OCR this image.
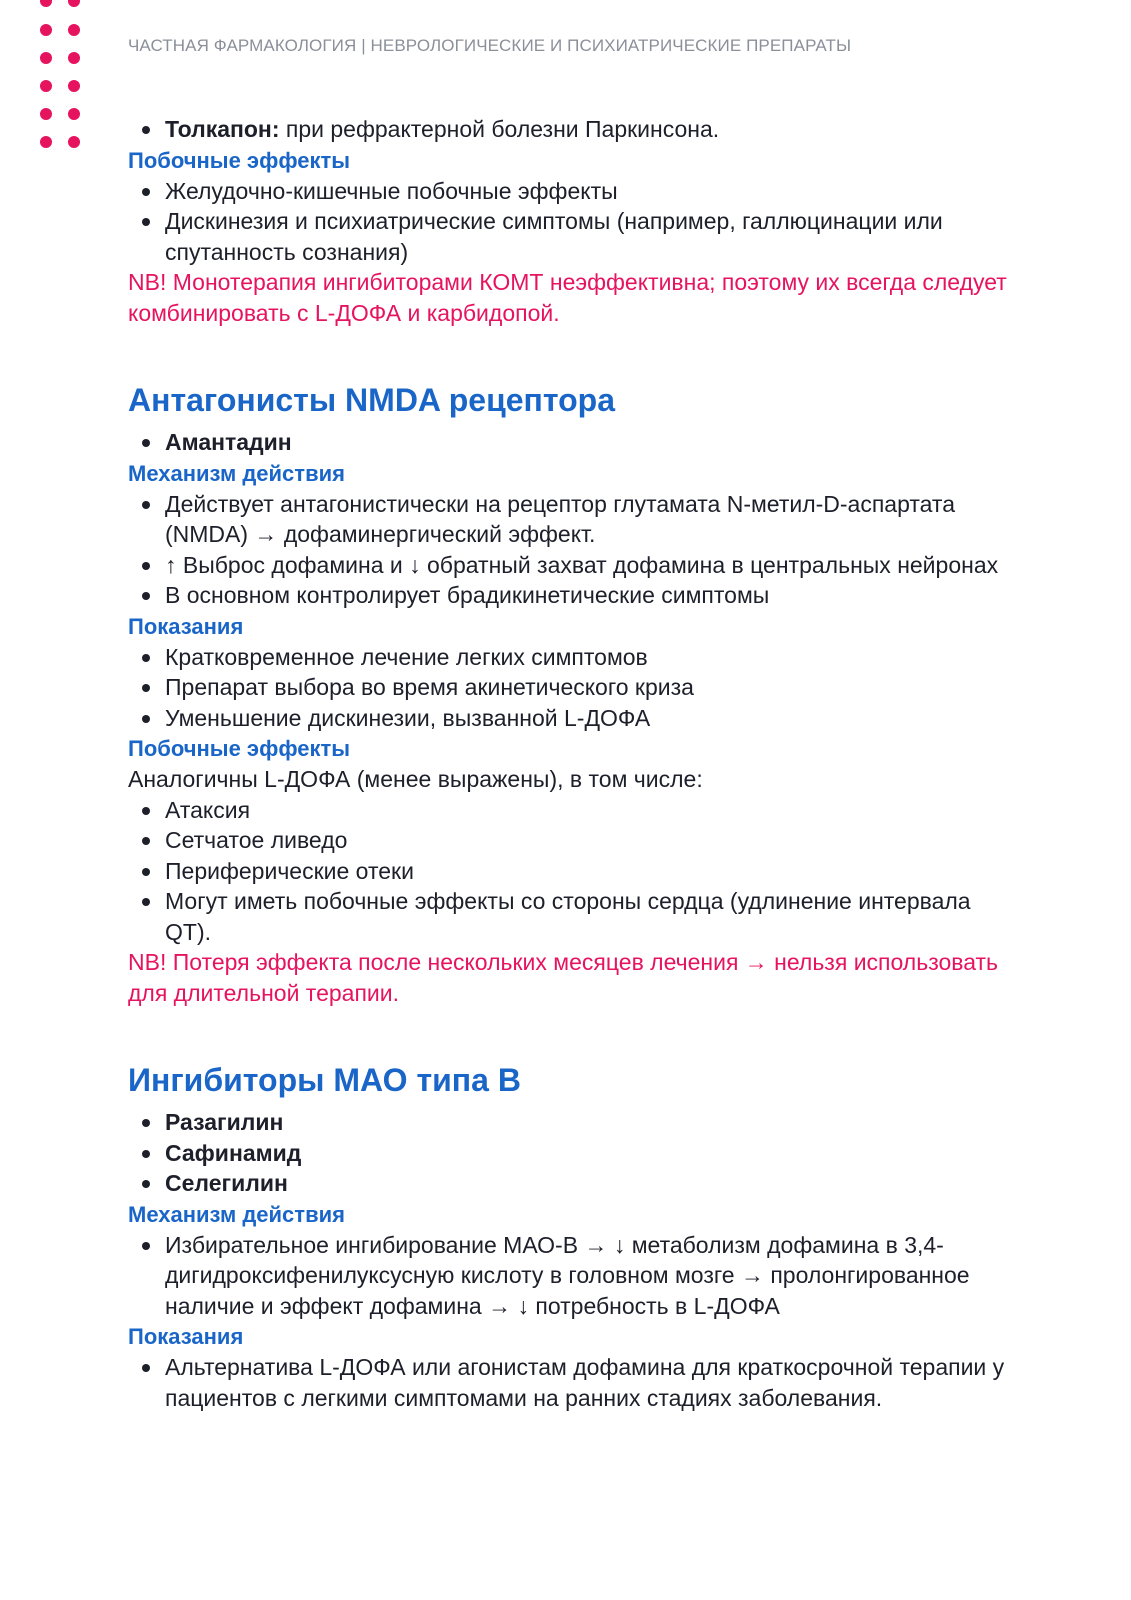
ЧАСТНАЯ ФАРМАКОЛОГИЯ | НЕВРОЛОГИЧЕСКИЕ И ПСИХИАТРИЧЕСКИЕ ПРЕПАРАТЫ
Толкапон: при рефрактерной болезни Паркинсона.
Побочные эффекты
Желудочно-кишечные побочные эффекты
Дискинезия и психиатрические симптомы (например, галлюцинации или спутанность сознания)
NB! Монотерапия ингибиторами КОМТ неэффективна; поэтому их всегда следует комбинировать с L-ДОФА и карбидопой.
Антагонисты NMDA рецептора
Амантадин
Механизм действия
Действует антагонистически на рецептор глутамата N-метил-D-аспартата (NMDA) → дофаминергический эффект.
↑ Выброс дофамина и ↓ обратный захват дофамина в центральных нейронах
В основном контролирует брадикинетические симптомы
Показания
Кратковременное лечение легких симптомов
Препарат выбора во время акинетического криза
Уменьшение дискинезии, вызванной L-ДОФА
Побочные эффекты
Аналогичны L-ДОФА (менее выражены), в том числе:
Атаксия
Сетчатое ливедо
Периферические отеки
Могут иметь побочные эффекты со стороны сердца (удлинение интервала QT).
NB! Потеря эффекта после нескольких месяцев лечения → нельзя использовать для длительной терапии.
Ингибиторы МАО типа В
Разагилин
Сафинамид
Селегилин
Механизм действия
Избирательное ингибирование МАО-B → ↓ метаболизм дофамина в 3,4-дигидроксифенилуксусную кислоту в головном мозге → пролонгированное наличие и эффект дофамина → ↓ потребность в L-ДОФА
Показания
Альтернатива L-ДОФА или агонистам дофамина для краткосрочной терапии у пациентов с легкими симптомами на ранних стадиях заболевания.
